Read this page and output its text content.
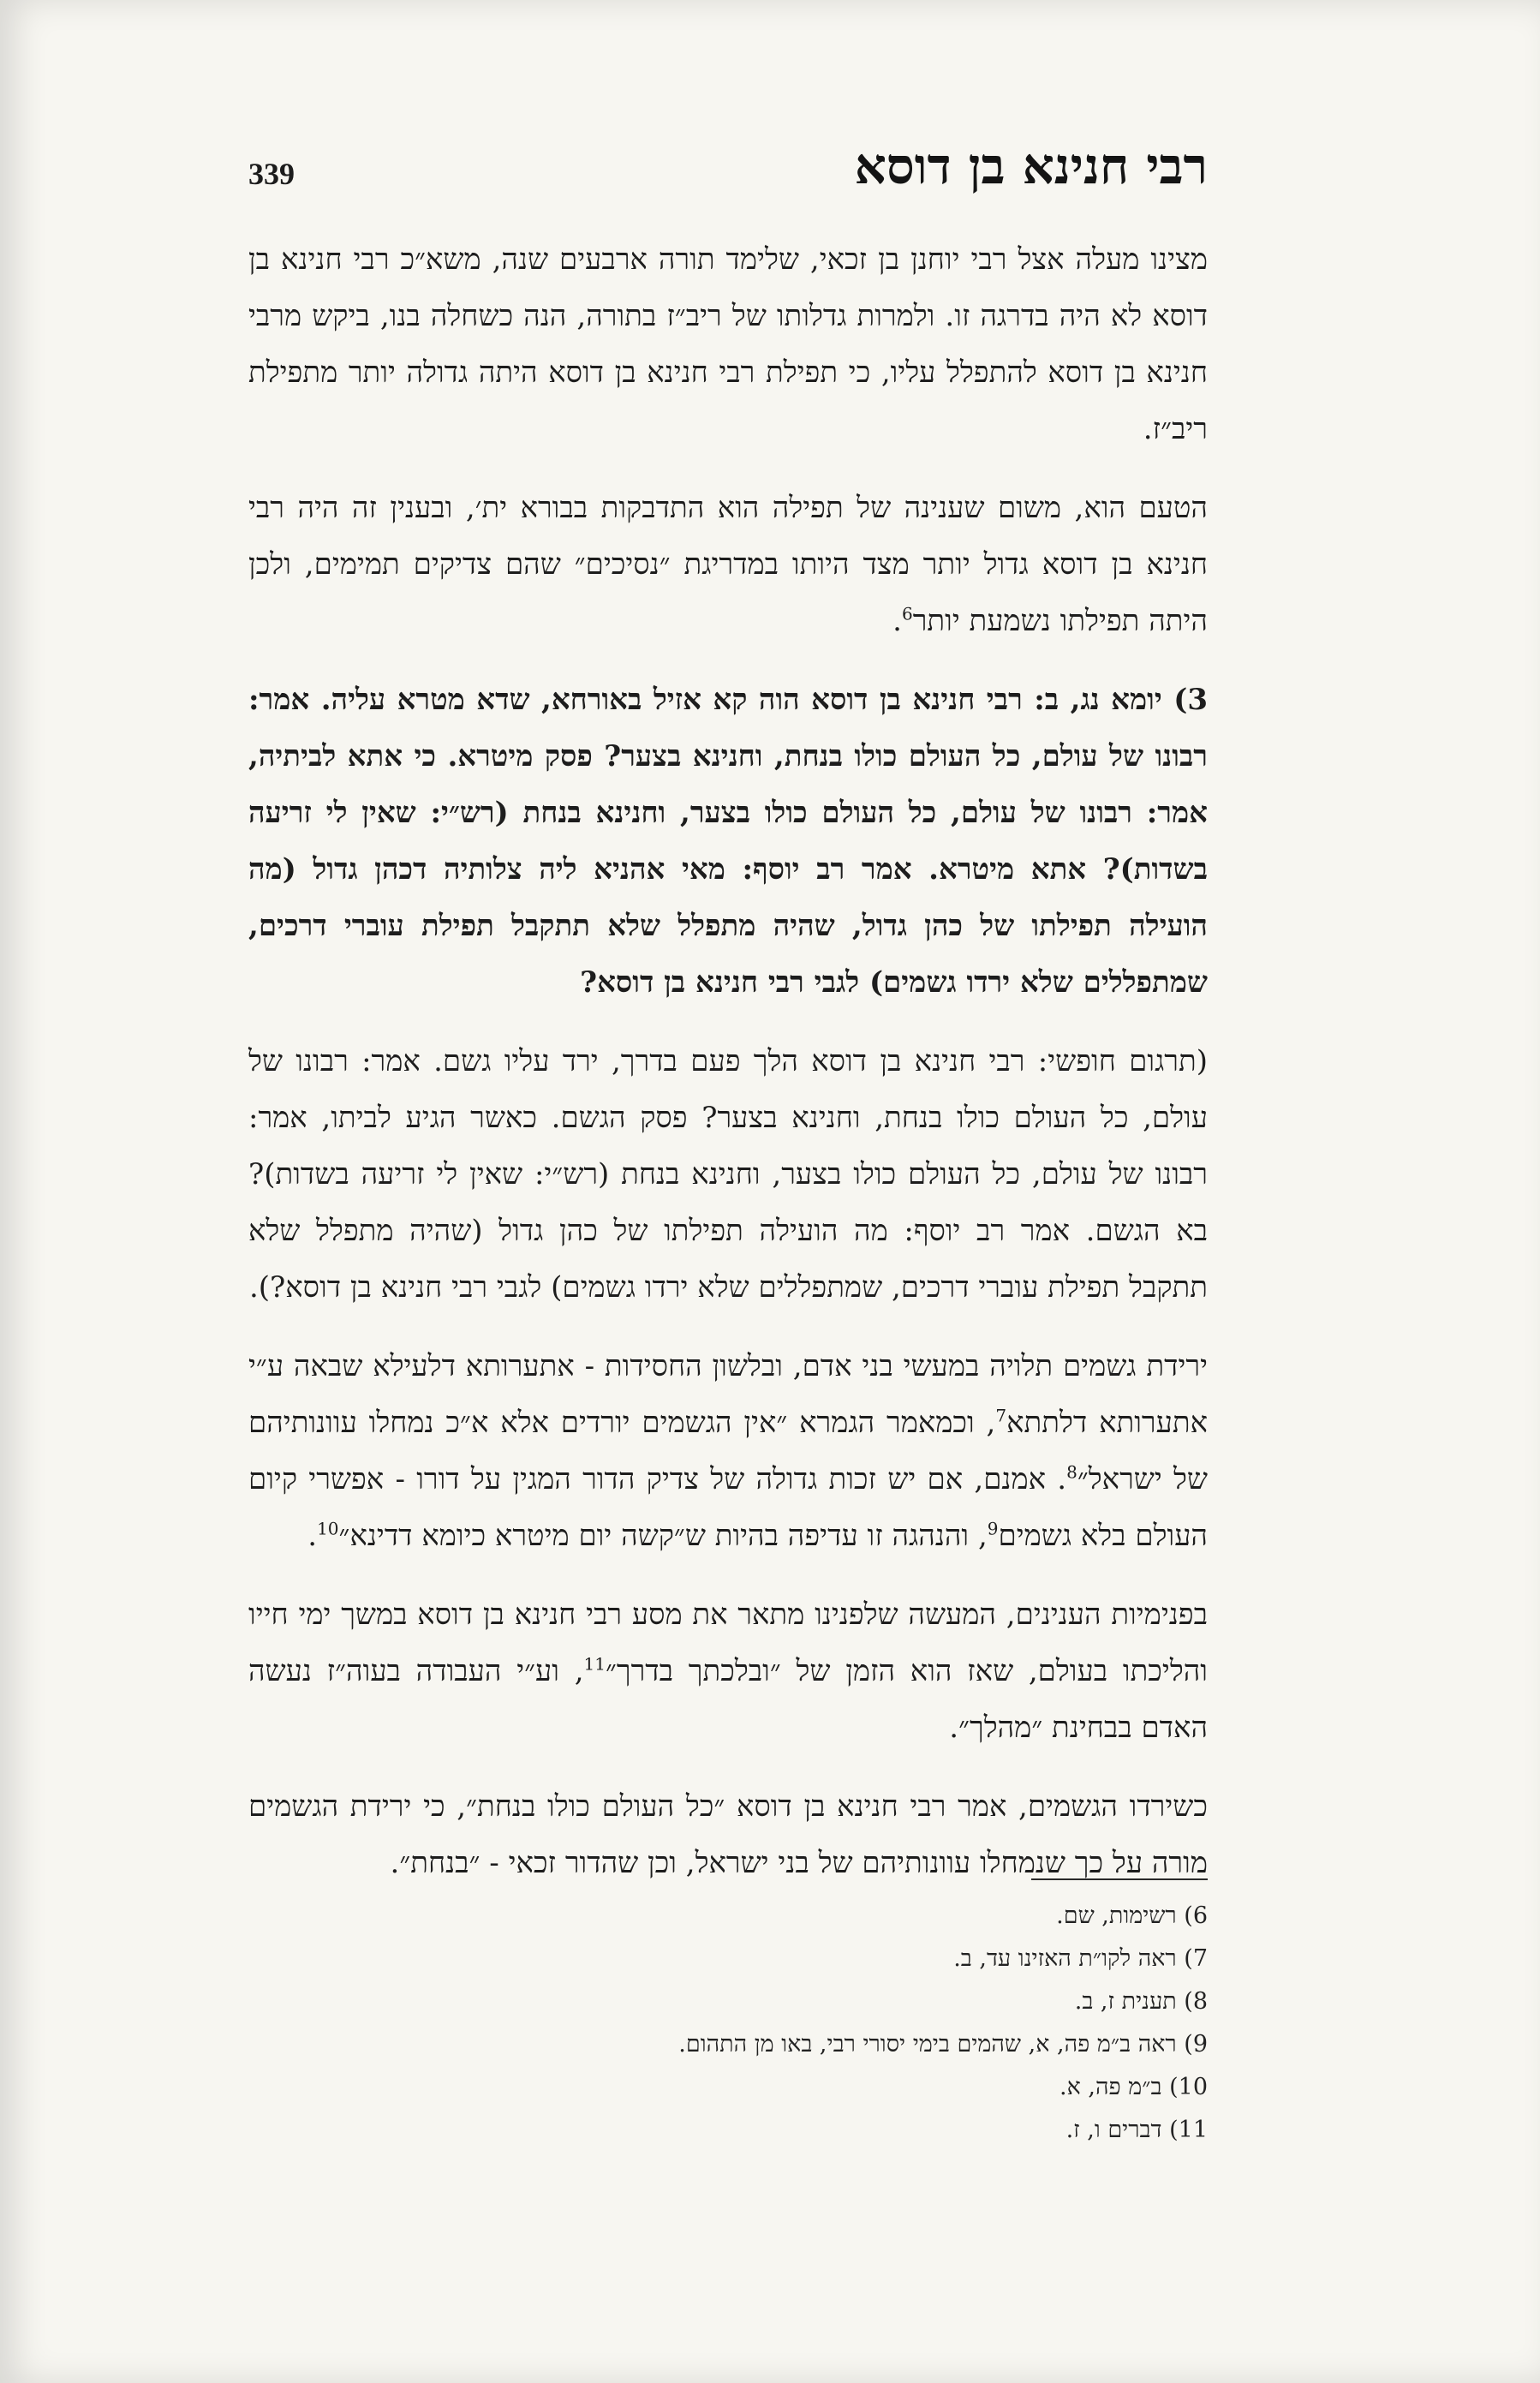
339	רבי חנינא בן דוסא

מצינו מעלה אצל רבי יוחנן בן זכאי, שלימד תורה ארבעים שנה, משא״כ רבי חנינא בן דוסא לא היה בדרגה זו. ולמרות גדלותו של ריב״ז בתורה, הנה כשחלה בנו, ביקש מרבי חנינא בן דוסא להתפלל עליו, כי תפילת רבי חנינא בן דוסא היתה גדולה יותר מתפילת ריב״ז.

הטעם הוא, משום שענינה של תפילה הוא התדבקות בבורא ית׳, ובענין זה היה רבי חנינא בן דוסא גדול יותר מצד היותו במדריגת ״נסיכים״ שהם צדיקים תמימים, ולכן היתה תפילתו נשמעת יותר$^6$.

3) יומא נג, ב: רבי חנינא בן דוסא הוה קא אזיל באורחא, שדא מטרא עליה. אמר: רבונו של עולם, כל העולם כולו בנחת, וחנינא בצער? פסק מיטרא. כי אתא לביתיה, אמר: רבונו של עולם, כל העולם כולו בצער, וחנינא בנחת (רש״י: שאין לי זריעה בשדות)? אתא מיטרא. אמר רב יוסף: מאי אהניא ליה צלותיה דכהן גדול (מה הועילה תפילתו של כהן גדול, שהיה מתפלל שלא תתקבל תפילת עוברי דרכים, שמתפללים שלא ירדו גשמים) לגבי רבי חנינא בן דוסא?

(תרגום חופשי: רבי חנינא בן דוסא הלך פעם בדרך, ירד עליו גשם. אמר: רבונו של עולם, כל העולם כולו בנחת, וחנינא בצער? פסק הגשם. כאשר הגיע לביתו, אמר: רבונו של עולם, כל העולם כולו בצער, וחנינא בנחת (רש״י: שאין לי זריעה בשדות)? בא הגשם. אמר רב יוסף: מה הועילה תפילתו של כהן גדול (שהיה מתפלל שלא תתקבל תפילת עוברי דרכים, שמתפללים שלא ירדו גשמים) לגבי רבי חנינא בן דוסא?).

ירידת גשמים תלויה במעשי בני אדם, ובלשון החסידות - אתערותא דלעילא שבאה ע״י אתערותא דלתתא$^7$, וכמאמר הגמרא ״אין הגשמים יורדים אלא א״כ נמחלו עוונותיהם של ישראל״$^8$. אמנם, אם יש זכות גדולה של צדיק הדור המגין על דורו - אפשרי קיום העולם בלא גשמים$^9$, והנהגה זו עדיפה בהיות ש״קשה יום מיטרא כיומא דדינא״$^{10}$.

בפנימיות הענינים, המעשה שלפנינו מתאר את מסע רבי חנינא בן דוסא במשך ימי חייו והליכתו בעולם, שאז הוא הזמן של ״ובלכתך בדרך״$^{11}$, וע״י העבודה בעוה״ז נעשה האדם בבחינת ״מהלך״.

כשירדו הגשמים, אמר רבי חנינא בן דוסא ״כל העולם כולו בנחת״, כי ירידת הגשמים מורה על כך שנמחלו עוונותיהם של בני ישראל, וכן שהדור זכאי - ״בנחת״.

6) רשימות, שם.
7) ראה לקו״ת האזינו עד, ב.
8) תענית ז, ב.
9) ראה ב״מ פה, א, שהמים בימי יסורי רבי, באו מן התהום.
10) ב״מ פה, א.
11) דברים ו, ז.
